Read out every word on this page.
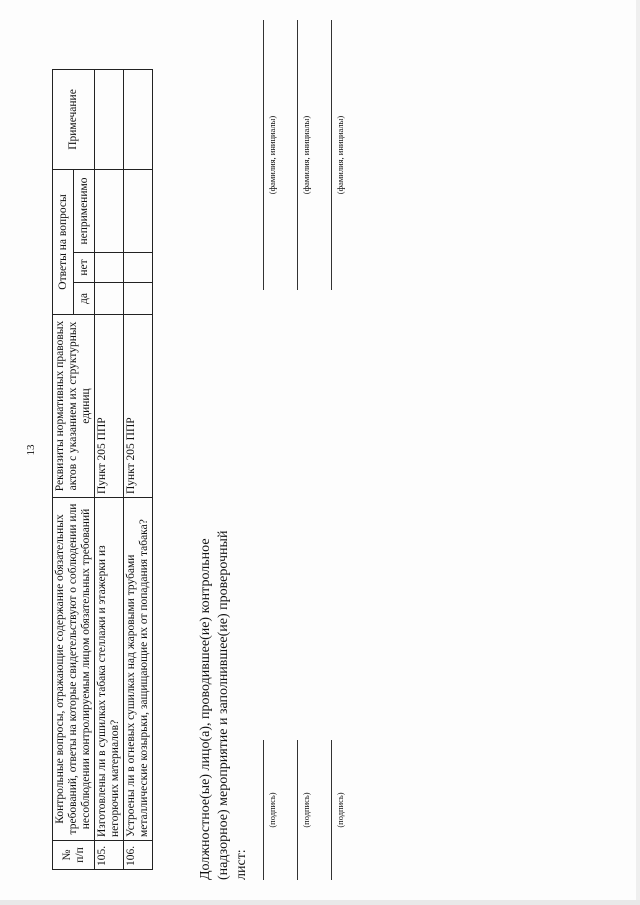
13
№ п/п	Контрольные вопросы, отражающие содержание обязательных требований, ответы на которые свидетельствуют о соблюдении или несоблюдении контролируемым лицом обязательных требований	Реквизиты нормативных правовых актов с указанием их структурных единиц	Ответы на вопросы			Примечание
			да	нет	неприменимо	
105.	Изготовлены ли в сушилках табака стеллажи и этажерки из негорючих материалов?	Пункт 205 ППР				
106.	Устроены ли в огневых сушилках над жаровыми трубами металлические козырьки, защищающие их от попадания табака?	Пункт 205 ППР				
Должностное(ые) лицо(а), проводившее(ие) контрольное (надзорное) мероприятие и заполнившее(ие) проверочный лист:
(подпись)
(фамилия, инициалы)
(подпись)
(фамилия, инициалы)
(подпись)
(фамилия, инициалы)
